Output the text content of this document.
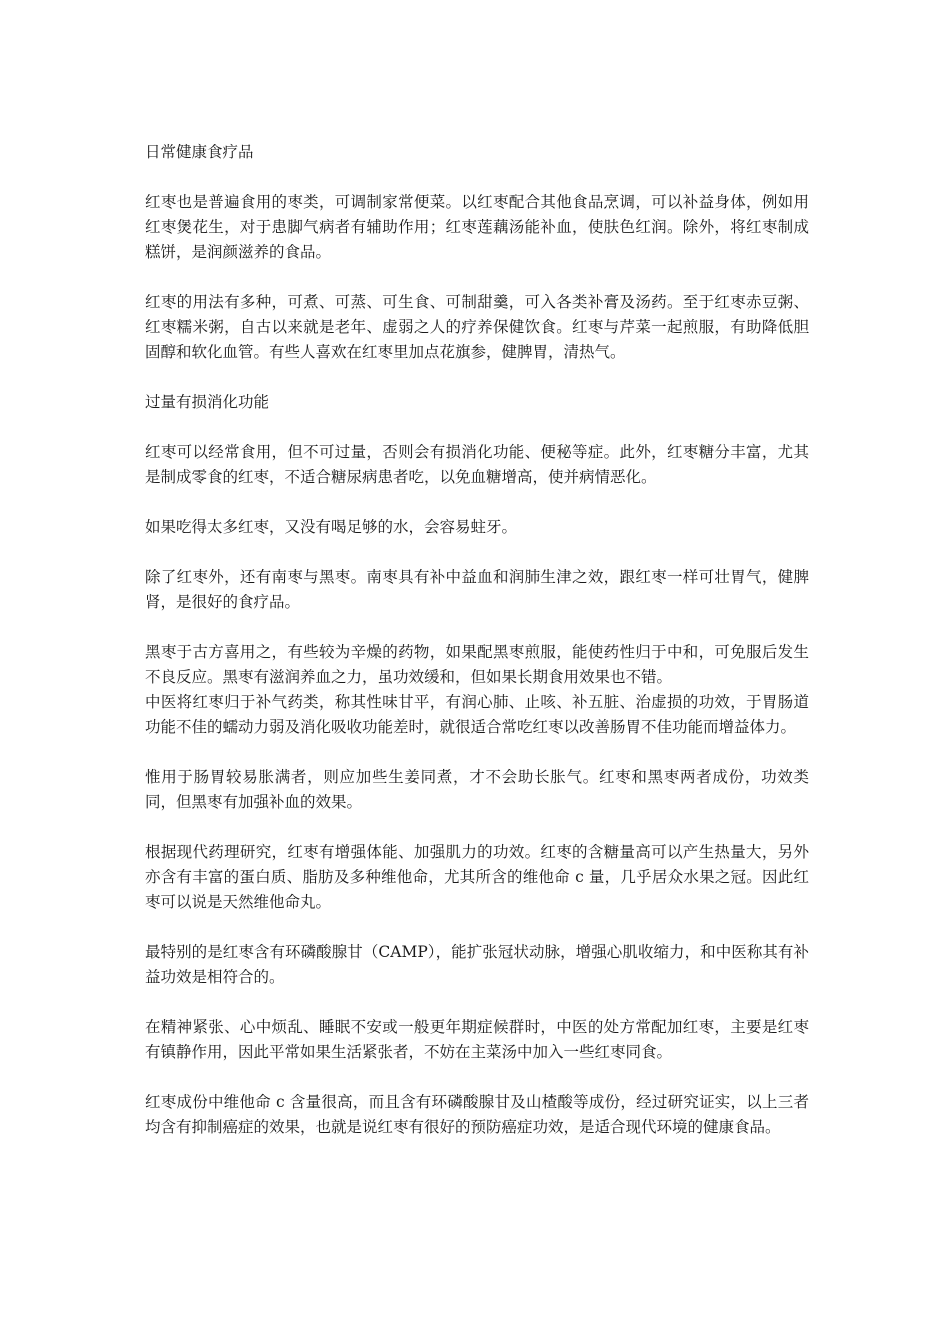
日常健康食疗品

红枣也是普遍食用的枣类，可调制家常便菜。以红枣配合其他食品烹调，可以补益身体，例如用红枣煲花生，对于患脚气病者有辅助作用；红枣莲藕汤能补血，使肤色红润。除外，将红枣制成糕饼，是润颜滋养的食品。

红枣的用法有多种，可煮、可蒸、可生食、可制甜羹，可入各类补膏及汤药。至于红枣赤豆粥、红枣糯米粥，自古以来就是老年、虚弱之人的疗养保健饮食。红枣与芹菜一起煎服，有助降低胆固醇和软化血管。有些人喜欢在红枣里加点花旗参，健脾胃，清热气。

过量有损消化功能

红枣可以经常食用，但不可过量，否则会有损消化功能、便秘等症。此外，红枣糖分丰富，尤其是制成零食的红枣，不适合糖尿病患者吃，以免血糖增高，使并病情恶化。

如果吃得太多红枣，又没有喝足够的水，会容易蛀牙。

除了红枣外，还有南枣与黑枣。南枣具有补中益血和润肺生津之效，跟红枣一样可壮胃气，健脾肾，是很好的食疗品。

黑枣于古方喜用之，有些较为辛燥的药物，如果配黑枣煎服，能使药性归于中和，可免服后发生不良反应。黑枣有滋润养血之力，虽功效缓和，但如果长期食用效果也不错。

中医将红枣归于补气药类，称其性味甘平，有润心肺、止咳、补五脏、治虚损的功效，于胃肠道功能不佳的蠕动力弱及消化吸收功能差时，就很适合常吃红枣以改善肠胃不佳功能而增益体力。

惟用于肠胃较易胀满者，则应加些生姜同煮，才不会助长胀气。红枣和黑枣两者成份，功效类同，但黑枣有加强补血的效果。

根据现代药理研究，红枣有增强体能、加强肌力的功效。红枣的含糖量高可以产生热量大，另外亦含有丰富的蛋白质、脂肪及多种维他命，尤其所含的维他命 c 量，几乎居众水果之冠。因此红枣可以说是天然维他命丸。

最特别的是红枣含有环磷酸腺甘（CAMP），能扩张冠状动脉，增强心肌收缩力，和中医称其有补益功效是相符合的。

在精神紧张、心中烦乱、睡眠不安或一般更年期症候群时，中医的处方常配加红枣，主要是红枣有镇静作用，因此平常如果生活紧张者，不妨在主菜汤中加入一些红枣同食。

红枣成份中维他命 c 含量很高，而且含有环磷酸腺甘及山楂酸等成份，经过研究证实，以上三者均含有抑制癌症的效果，也就是说红枣有很好的预防癌症功效，是适合现代环境的健康食品。
